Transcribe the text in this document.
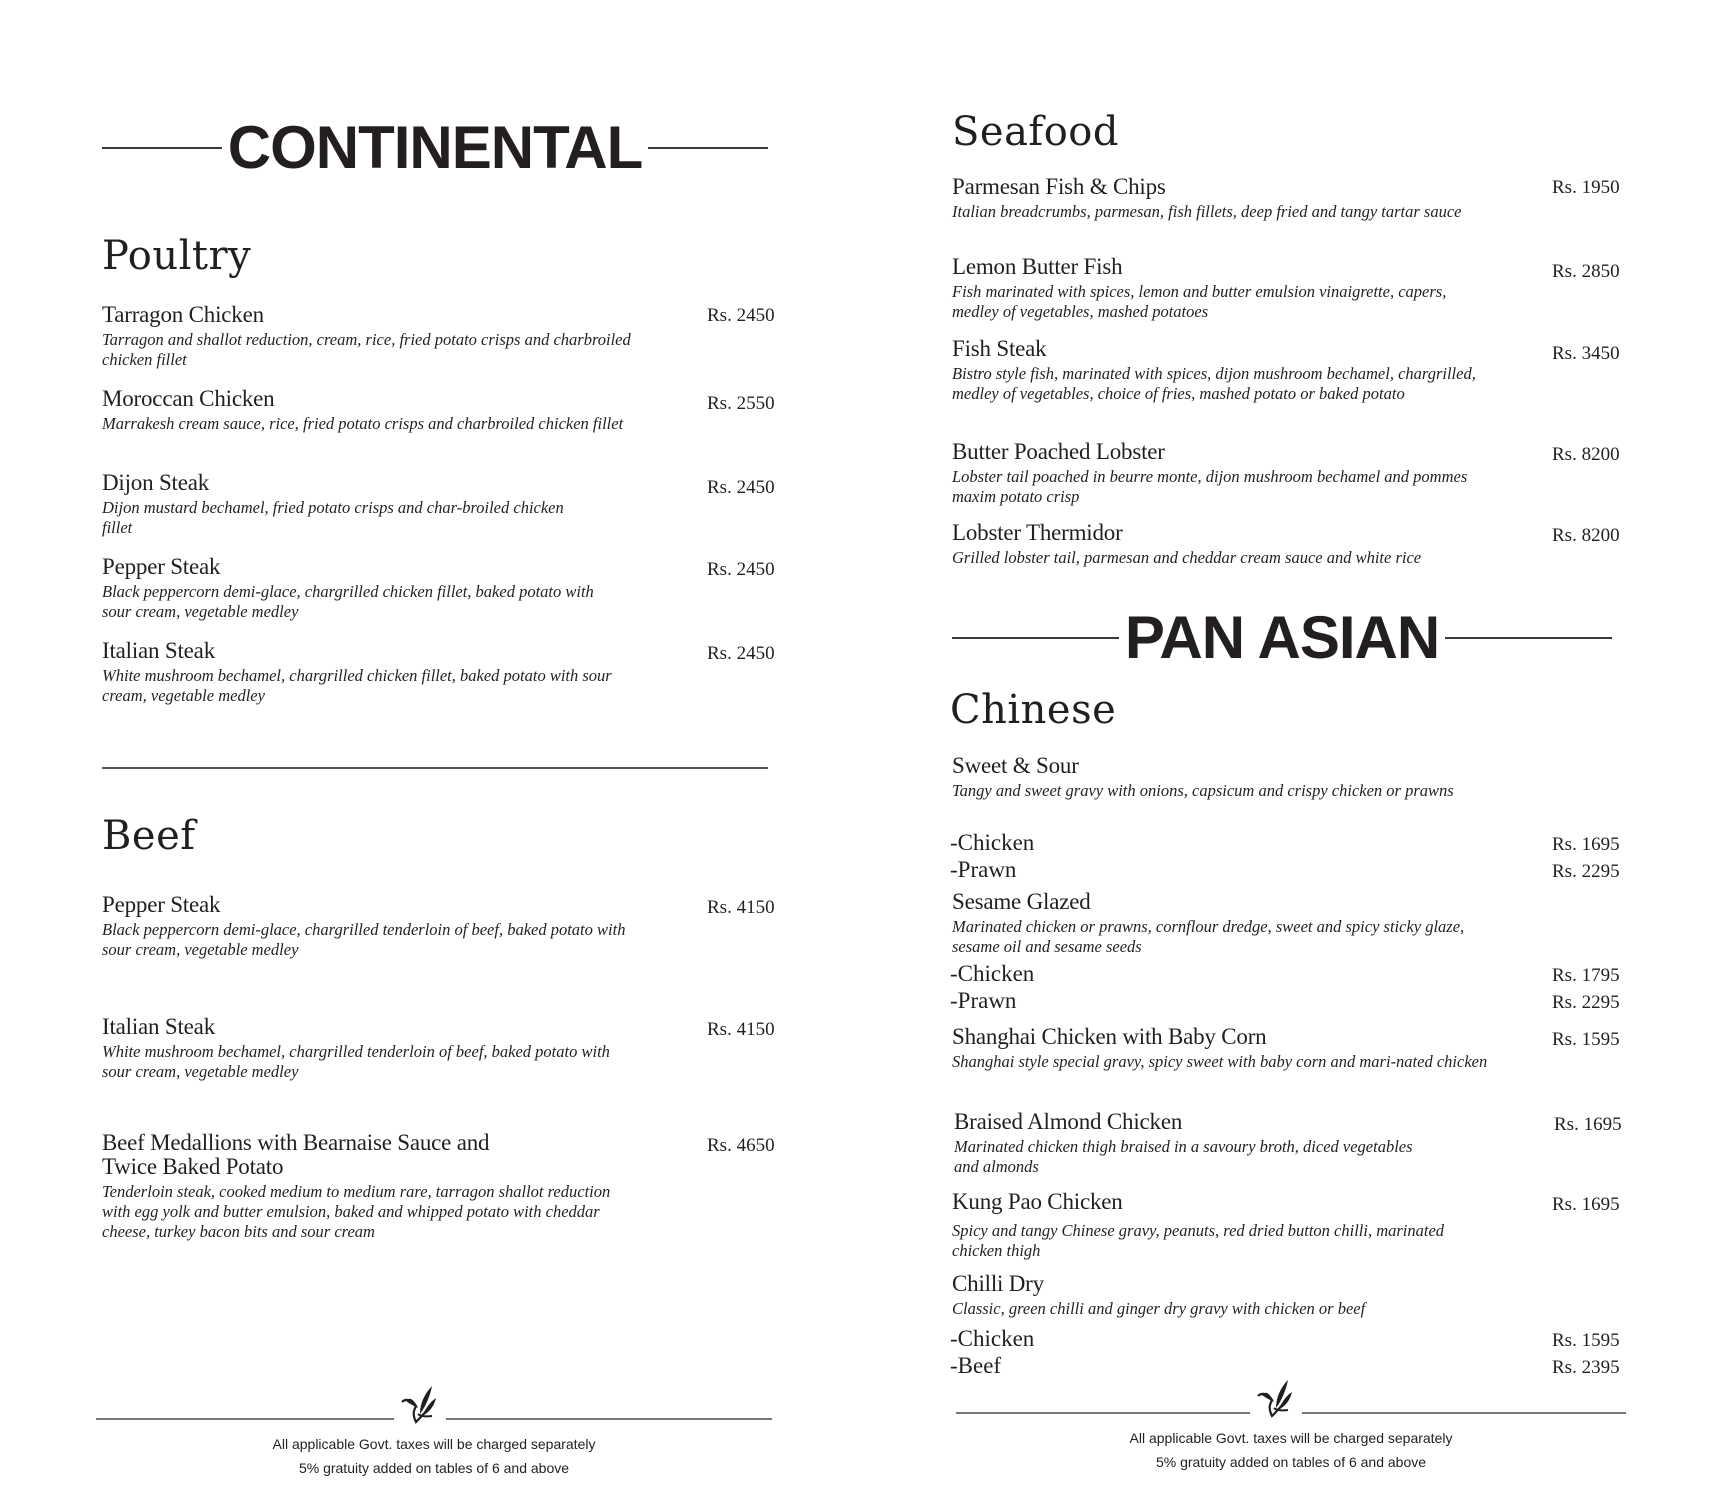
CONTINENTAL
Poultry
Tarragon Chicken
Tarragon and shallot reduction, cream, rice, fried potato crisps and charbroiled chicken fillet
Rs. 2450
Moroccan Chicken
Marrakesh cream sauce, rice, fried potato crisps and charbroiled chicken fillet
Rs. 2550
Dijon Steak
Dijon mustard bechamel, fried potato crisps and char-broiled chicken fillet
Rs. 2450
Pepper Steak
Black peppercorn demi-glace, chargrilled chicken fillet, baked potato with sour cream, vegetable medley
Rs. 2450
Italian Steak
White mushroom bechamel, chargrilled chicken fillet, baked potato with sour cream, vegetable medley
Rs. 2450
Beef
Pepper Steak
Black peppercorn demi-glace, chargrilled tenderloin of beef, baked potato with sour cream, vegetable medley
Rs. 4150
Italian Steak
White mushroom bechamel, chargrilled tenderloin of beef, baked potato with sour cream, vegetable medley
Rs. 4150
Beef Medallions with Bearnaise Sauce and Twice Baked Potato
Tenderloin steak, cooked medium to medium rare, tarragon shallot reduction with egg yolk and butter emulsion, baked and whipped potato with cheddar cheese, turkey bacon bits and sour cream
Rs. 4650
All applicable Govt. taxes will be charged separately
5% gratuity added on tables of 6 and above
Seafood
Parmesan Fish & Chips
Italian breadcrumbs, parmesan, fish fillets, deep fried and tangy tartar sauce
Rs. 1950
Lemon Butter Fish
Fish marinated with spices, lemon and butter emulsion vinaigrette, capers, medley of vegetables, mashed potatoes
Rs. 2850
Fish Steak
Bistro style fish, marinated with spices, dijon mushroom bechamel, chargrilled, medley of vegetables, choice of fries, mashed potato or baked potato
Rs. 3450
Butter Poached Lobster
Lobster tail poached in beurre monte, dijon mushroom bechamel and pommes maxim potato crisp
Rs. 8200
Lobster Thermidor
Grilled lobster tail, parmesan and cheddar cream sauce and white rice
Rs. 8200
PAN ASIAN
Chinese
Sweet & Sour
Tangy and sweet gravy with onions, capsicum and crispy chicken or prawns
-Chicken	Rs. 1695
-Prawn	Rs. 2295
Sesame Glazed
Marinated chicken or prawns, cornflour dredge, sweet and spicy sticky glaze, sesame oil and sesame seeds
-Chicken	Rs. 1795
-Prawn	Rs. 2295
Shanghai Chicken with Baby Corn
Shanghai style special gravy, spicy sweet with baby corn and mari-nated chicken
Rs. 1595
Braised Almond Chicken
Marinated chicken thigh braised in a savoury broth, diced vegetables and almonds
Rs. 1695
Kung Pao Chicken
Spicy and tangy Chinese gravy, peanuts, red dried button chilli, marinated chicken thigh
Rs. 1695
Chilli Dry
Classic, green chilli and ginger dry gravy with chicken or beef
-Chicken	Rs. 1595
-Beef	Rs. 2395
All applicable Govt. taxes will be charged separately
5% gratuity added on tables of 6 and above
